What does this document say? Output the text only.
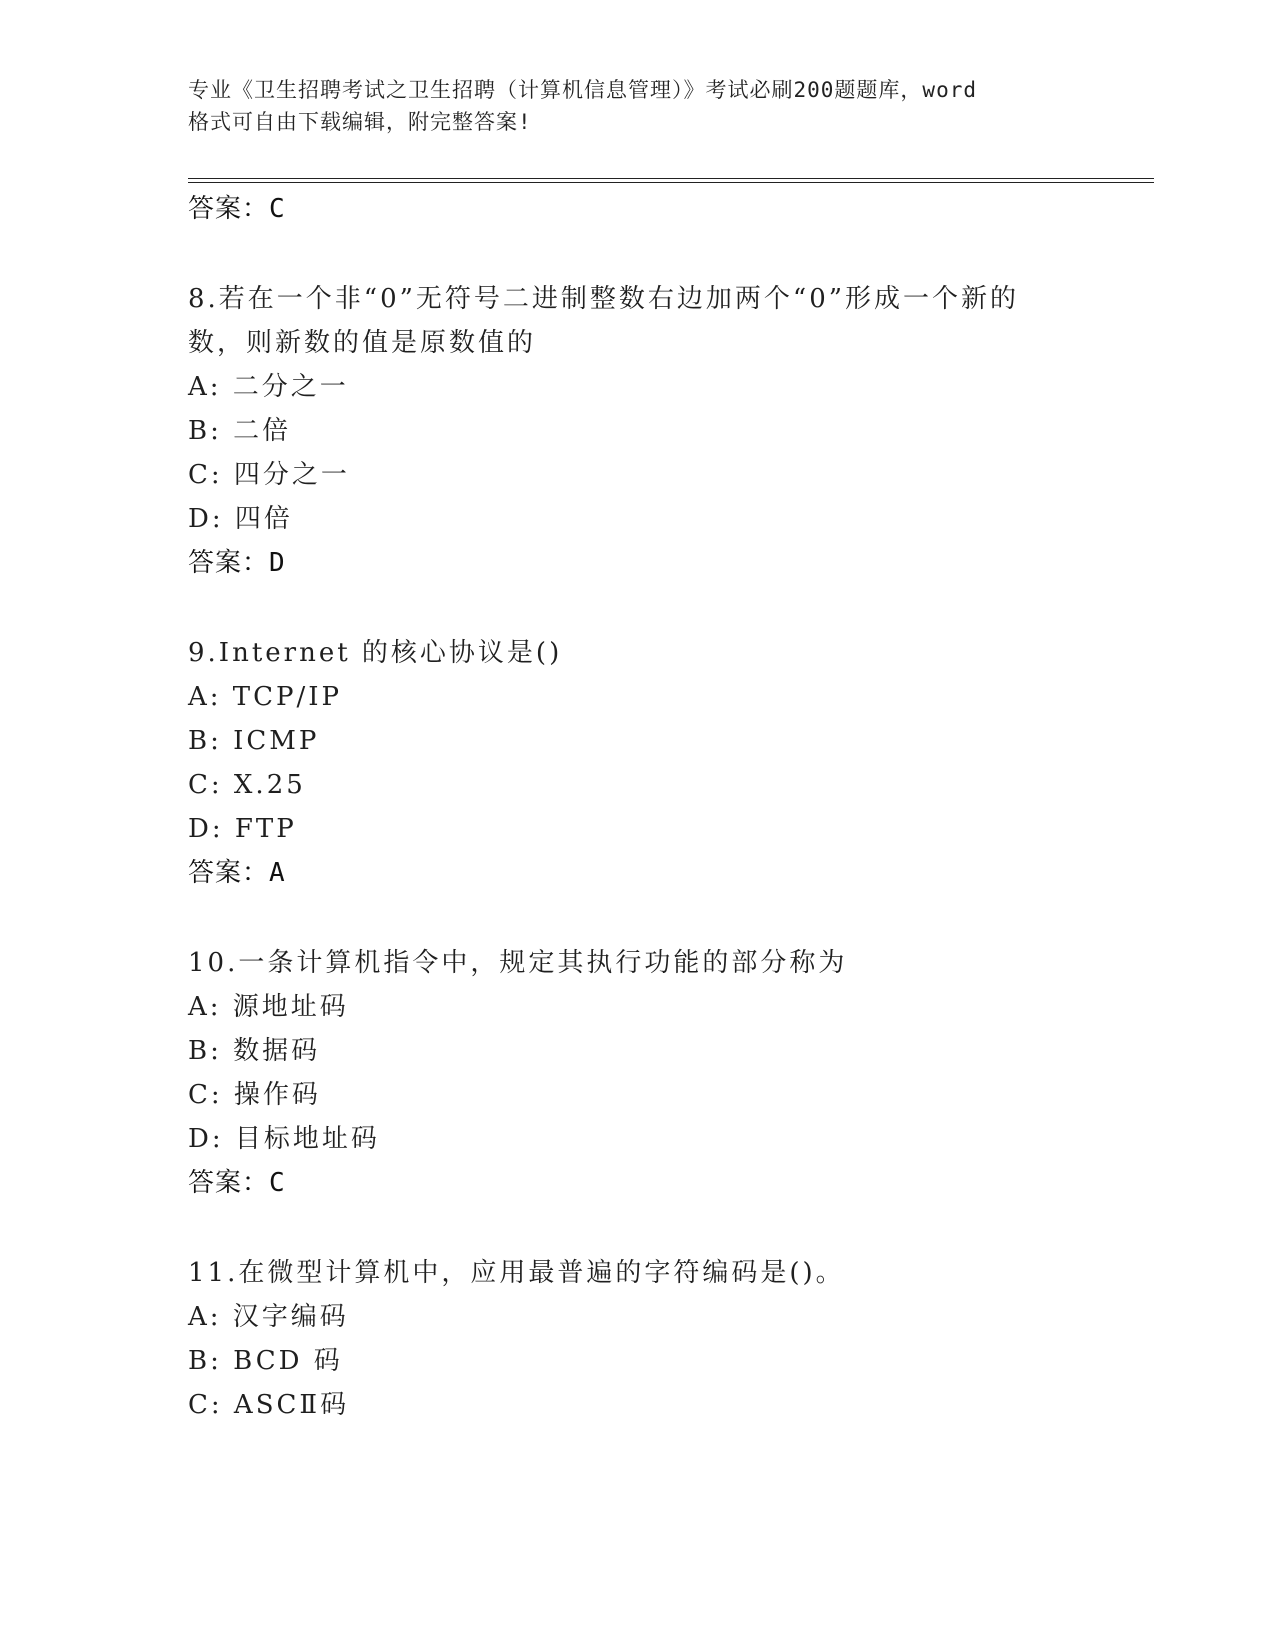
专业《卫生招聘考试之卫生招聘（计算机信息管理）》考试必刷200题题库，word
格式可自由下载编辑，附完整答案!
答案：C
8.若在一个非“0”无符号二进制整数右边加两个“0”形成一个新的
数，则新数的值是原数值的
A: 二分之一
B: 二倍
C: 四分之一
D: 四倍
答案：D
9.Internet 的核心协议是()
A: TCP/IP
B: ICMP
C: X.25
D: FTP
答案：A
10.一条计算机指令中，规定其执行功能的部分称为
A: 源地址码
B: 数据码
C: 操作码
D: 目标地址码
答案：C
11.在微型计算机中，应用最普遍的字符编码是()。
A: 汉字编码
B: BCD 码
C: ASCⅡ码
